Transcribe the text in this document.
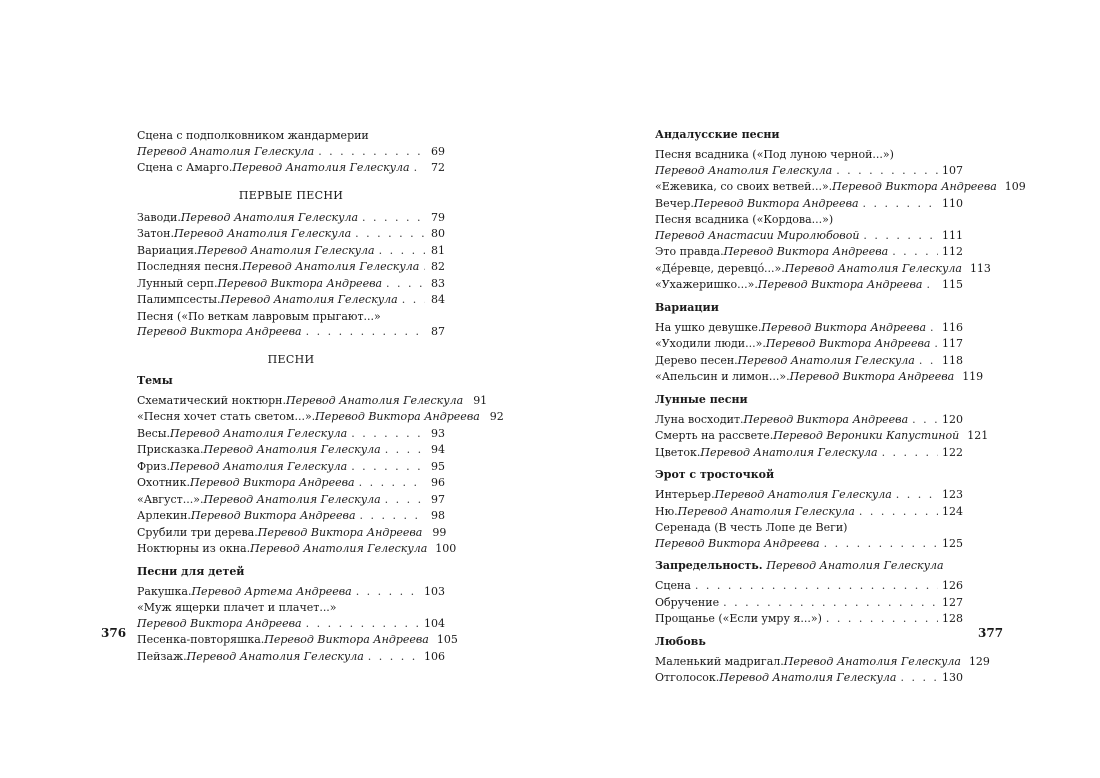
Сцена с подполковником жандармерии
Перевод Анатолия Гелескула . . .	69
Сцена с Амарго. Перевод Анатолия Гелескула . . . 72
ПЕРВЫЕ ПЕСНИ
Заводи. Перевод Анатолия Гелескула . . .	79
Затон. Перевод Анатолия Гелескула . . .	80
Вариация. Перевод Анатолия Гелескула . . .	81
Последняя песня. Перевод Анатолия Гелескула . . . 82
Лунный серп. Перевод Виктора Андреева . . .	83
Палимпсесты. Перевод Анатолия Гелескула . . .	84
Песня («По веткам лавровым прыгают...»
Перевод Виктора Андреева . . .	87
ПЕСНИ
Темы
Схематический ноктюрн. Перевод Анатолия Гелескула 91
«Песня хочет стать светом...». Перевод Виктора Андреева 92
Весы. Перевод Анатолия Гелескула . . .	93
Присказка. Перевод Анатолия Гелескула . . .	94
Фриз. Перевод Анатолия Гелескула . . .	95
Охотник. Перевод Виктора Андреева . . .	96
«Август...». Перевод Анатолия Гелескула . . .	97
Арлекин. Перевод Виктора Андреева . . .	98
Срубили три дерева. Перевод Виктора Андреева 99
Ноктюрны из окна. Перевод Анатолия Гелескула 100
Песни для детей
Ракушка. Перевод Артема Андреева . . .	103
«Муж ящерки плачет и плачет...»
Перевод Виктора Андреева . . .	104
Песенка-повторяшка. Перевод Виктора Андреева 105
Пейзаж. Перевод Анатолия Гелескула . . .	106
Андалусские песни
Песня всадника («Под луною черной...»)
Перевод Анатолия Гелескула . . .	107
«Ежевика, со своих ветвей...». Перевод Виктора Андреева 109
Вечер. Перевод Виктора Андреева . . .	110
Песня всадника («Кордова...»)
Перевод Анастасии Миролюбовой . . .	111
Это правда. Перевод Виктора Андреева . . .	112
«Дéревце, деревцó...». Перевод Анатолия Гелескула 113
«Ухажеришко...». Перевод Виктора Андреева . . . 115
Вариации
На ушко девушке. Перевод Виктора Андреева . . . 116
«Уходили люди...». Перевод Виктора Андреева . . . 117
Дерево песен. Перевод Анатолия Гелескула . . . 118
«Апельсин и лимон...». Перевод Виктора Андреева 119
Лунные песни
Луна восходит. Перевод Виктора Андреева . . .	120
Смерть на рассвете. Перевод Вероники Капустиной 121
Цветок. Перевод Анатолия Гелескула . . .	122
Эрот с тросточкой
Интерьер. Перевод Анатолия Гелескула . . .	123
Ню. Перевод Анатолия Гелескула . . .	124
Серенада (В честь Лопе де Веги)
Перевод Виктора Андреева . . .	125
Запредельность. Перевод Анатолия Гелескула
Сцена . . .	126
Обручение . . .	127
Прощанье («Если умру я...») . . .	128
Любовь
Маленький мадригал. Перевод Анатолия Гелескула 129
Отголосок. Перевод Анатолия Гелескула . . .	130
376	377
